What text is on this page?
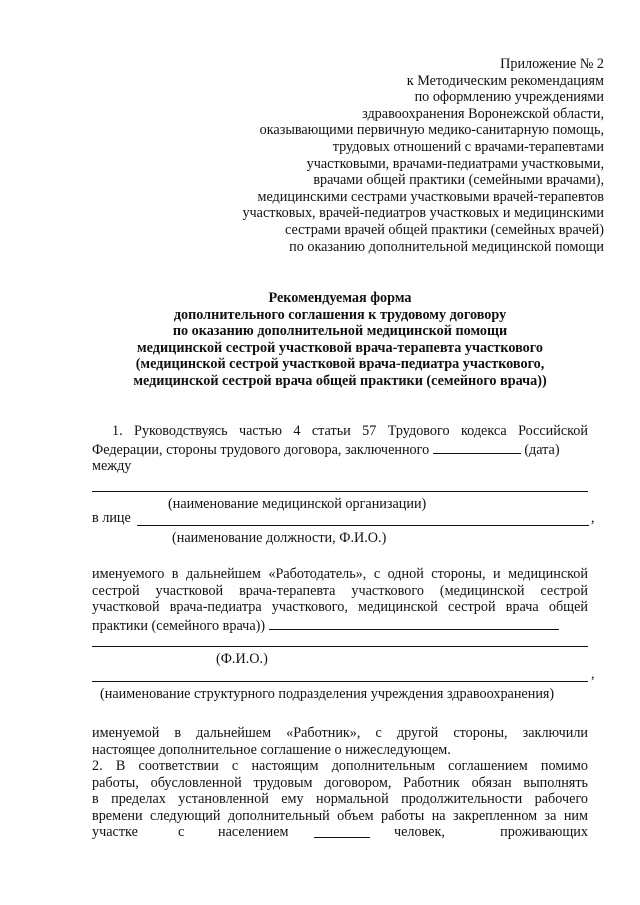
Приложение № 2
к Методическим рекомендациям
по оформлению учреждениями
здравоохранения Воронежской области,
оказывающими первичную медико-санитарную помощь,
трудовых отношений с врачами-терапевтами
участковыми, врачами-педиатрами участковыми,
врачами общей практики (семейными врачами),
медицинскими сестрами участковыми врачей-терапевтов
участковых, врачей-педиатров участковых и медицинскими
сестрами врачей общей практики (семейных врачей)
по оказанию дополнительной медицинской помощи
Рекомендуемая форма
дополнительного соглашения к трудовому договору
по оказанию дополнительной медицинской помощи
медицинской сестрой участковой врача-терапевта участкового
(медицинской сестрой участковой врача-педиатра участкового,
медицинской сестрой врача общей практики (семейного врача))
1. Руководствуясь частью 4 статьи 57 Трудового кодекса Российской
Федерации, стороны трудового договора, заключенного	(дата)
между
(наименование медицинской организации)
в лице	,
(наименование должности, Ф.И.О.)
именуемого в дальнейшем «Работодатель», с одной стороны, и медицинской
сестрой участковой врача-терапевта участкового (медицинской сестрой
участковой врача-педиатра участкового, медицинской сестрой врача общей
практики (семейного врача))
(Ф.И.О.)
,
(наименование структурного подразделения учреждения здравоохранения)
именуемой в дальнейшем «Работник», с другой стороны, заключили
настоящее дополнительное соглашение о нижеследующем.
2. В соответствии с настоящим дополнительным соглашением помимо
работы, обусловленной трудовым договором, Работник обязан выполнять
в пределах установленной ему нормальной продолжительности рабочего
времени следующий дополнительный объем работы на закрепленном за ним
участке	с населением	человек,	проживающих
